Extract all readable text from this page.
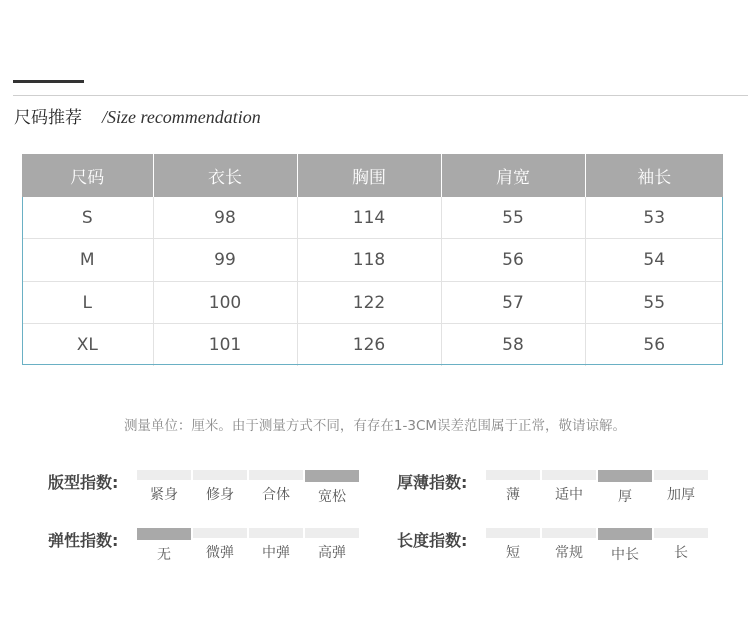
尺码推荐 /Size recommendation
尺码	衣长	胸围	肩宽	袖长
S	98	114	55	53
M	99	118	56	54
L	100	122	57	55
XL	101	126	58	56
测量单位：厘米。由于测量方式不同，有存在1-3CM误差范围属于正常，敬请谅解。
版型指数:
紧身	修身	合体	宽松
厚薄指数:
薄	适中	厚	加厚
弹性指数:
无	微弹	中弹	高弹
长度指数:
短	常规	中长	长
